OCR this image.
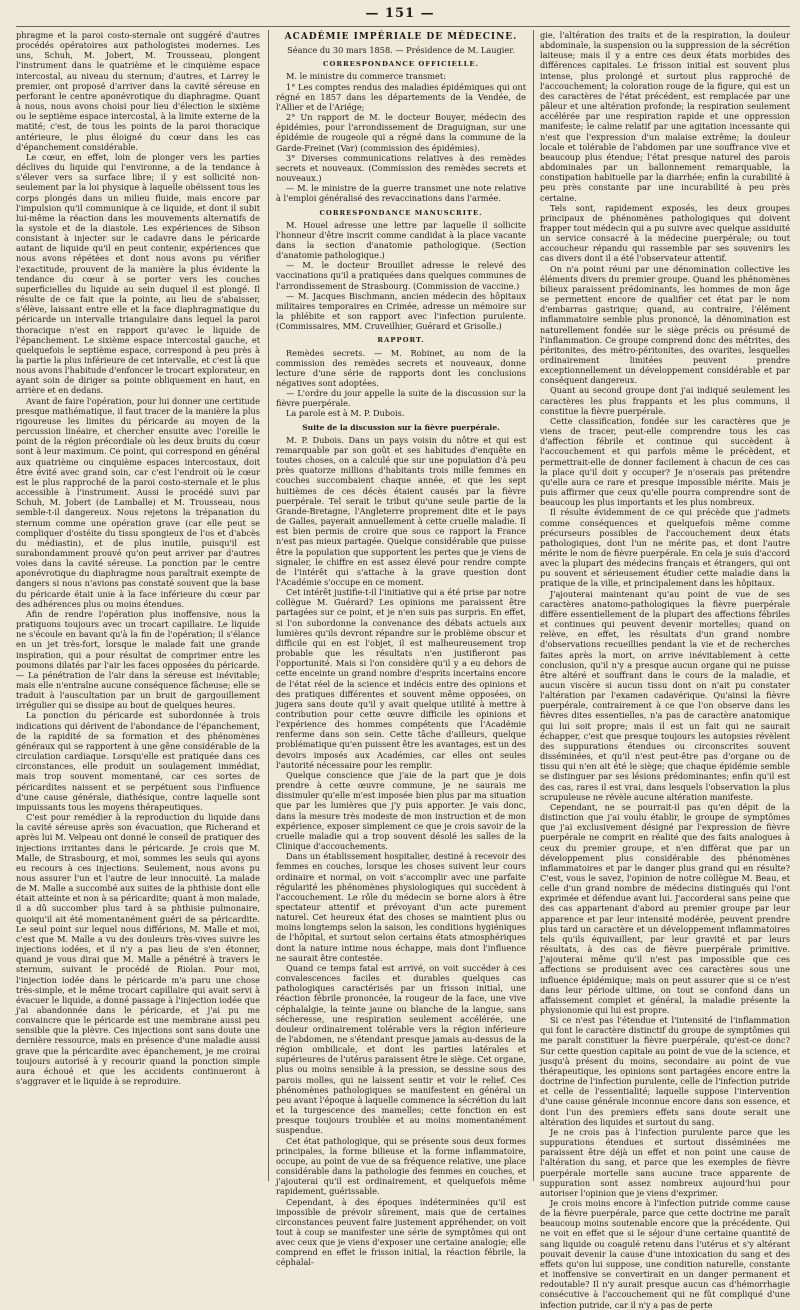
— 151 —

phragme et la paroi costo-sternale ont suggéré d'autres procédés opératoires aux pathologistes modernes. Les uns, Schuh, M. Jobert, M. Trousseau, plongent l'instrument dans le quatrième et le cinquième espace intercostal, au niveau du sternum; d'autres, et Larrey le premier, ont proposé d'arriver dans la cavité séreuse en perforant le centre aponévrotique du diaphragme. Quant à nous, nous avons choisi pour lieu d'élection le sixième ou le septième espace intercostal, à la limite externe de la matité; c'est, de tous les points de la paroi thoracique antérieure, le plus éloigné du cœur dans les cas d'épanchement considérable.

Le cœur, en effet, loin de plonger vers les parties déclives du liquide qui l'environne, a de la tendance à s'élever vers sa surface libre; il y est sollicité non-seulement par la loi physique à laquelle obéissent tous les corps plongés dans un milieu fluide, mais encore par l'impulsion qu'il communique à ce liquide, et dont il subit lui-même la réaction dans les mouvements alternatifs de la systole et de la diastole. Les expériences de Sibson consistant à injecter sur le cadavre dans le péricarde autant de liquide qu'il en peut contenir, expériences que nous avons répétées et dont nous avons pu vérifier l'exactitude, prouvent de la manière la plus évidente la tendance du cœur à se porter vers les couches superficielles du liquide au sein duquel il est plongé. Il résulte de ce fait que la pointe, au lieu de s'abaisser, s'élève, laissant entre elle et la face diaphragmatique du péricarde un intervalle triangulaire dans lequel la paroi thoracique n'est en rapport qu'avec le liquide de l'épanchement. Le sixième espace intercostal gauche, et quelquefois le septième espace, correspond à peu près à la partie la plus inférieure de cet intervalle, et c'est là que nous avons l'habitude d'enfoncer le trocart explorateur, en ayant soin de diriger sa pointe obliquement en haut, en arrière et en dedans.

Avant de faire l'opération, pour lui donner une certitude presque mathématique, il faut tracer de la manière la plus rigoureuse les limites du péricarde au moyen de la percussion linéaire, et chercher ensuite avec l'oreille le point de la région précordiale où les deux bruits du cœur sont à leur maximum. Ce point, qui correspond en général aux quatrième ou cinquième espaces intercostaux, doit être évité avec grand soin, car c'est l'endroit où le cœur est le plus rapproché de la paroi costo-sternale et le plus accessible à l'instrument. Aussi le procédé suivi par Schuh, M. Jobert (de Lamballe) et M. Trousseau, nous semble-t-il dangereux. Nous rejetons la trépanation du sternum comme une opération grave (car elle peut se compliquer d'ostéite du tissu spongieux de l'os et d'abcès du médiastin), et de plus inutile, puisqu'il est surabondamment prouvé qu'on peut arriver par d'autres voies dans la cavité séreuse. La ponction par le centre aponévrotique du diaphragme nous paraîtrait exempte de dangers si nous n'avions pas constaté souvent que la base du péricarde était unie à la face inférieure du cœur par des adhérences plus ou moins étendues.

Afin de rendre l'opération plus inoffensive, nous la pratiquons toujours avec un trocart capillaire. Le liquide ne s'écoule en bavant qu'à la fin de l'opération; il s'élance en un jet très-fort, lorsque le malade fait une grande inspiration, qui a pour résultat de comprimer entre les poumons dilatés par l'air les faces opposées du péricarde. — La pénétration de l'air dans la séreuse est inévitable; mais elle n'entraîne aucune conséquence fâcheuse; elle se traduit à l'auscultation par un bruit de gargouillement irrégulier qui se dissipe au bout de quelques heures.

La ponction du péricarde est subordonnée à trois indications qui dérivent de l'abondance de l'épanchement, de la rapidité de sa formation et des phénomènes généraux qui se rapportent à une gêne considérable de la circulation cardiaque. Lorsqu'elle est pratiquée dans ces circonstances, elle produit un soulagement immédiat, mais trop souvent momentané, car ces sortes de péricardites naissent et se perpétuent sous l'influence d'une cause générale, diathésique, contre laquelle sont impuissants tous les moyens thérapeutiques.

C'est pour remédier à la reproduction du liquide dans la cavité séreuse après son évacuation, que Richerand et après lui M. Velpeau ont donné le conseil de pratiquer des injections irritantes dans le péricarde. Je crois que M. Malle, de Strasbourg, et moi, sommes les seuls qui ayons eu recours à ces injections. Seulement, nous avons pu nous assurer l'un et l'autre de leur innocuité. La malade de M. Malle a succombé aux suites de la phthisie dont elle était atteinte et non à sa péricardite; quant à mon malade, il a dû succomber plus tard à sa phthisie pulmonaire, quoiqu'il ait été momentanément guéri de sa péricardite. Le seul point sur lequel nous différions, M. Malle et moi, c'est que M. Malle a vu des douleurs très-vives suivre les injections iodées, et il n'y a pas lieu de s'en étonner, quand je vous dirai que M. Malle a pénétré à travers le sternum, suivant le procédé de Riolan. Pour moi, l'injection iodée dans le péricarde m'a paru une chose très-simple, et le même trocart capillaire qui avait servi à évacuer le liquide, a donné passage à l'injection iodée que j'ai abandonnée dans le péricarde, et j'ai pu me convaincre que le péricarde est une membrane aussi peu sensible que la plèvre. Ces injections sont sans doute une dernière ressource, mais en présence d'une maladie aussi grave que la péricardite avec épanchement, je me croirai toujours autorisé à y recourir quand la ponction simple aura échoué et que les accidents continueront à s'aggraver et le liquide à se reproduire.

ACADÉMIE IMPÉRIALE DE MÉDECINE.

Séance du 30 mars 1858. — Présidence de M. Laugier.

CORRESPONDANCE OFFICIELLE.

M. le ministre du commerce transmet:

1° Les comptes rendus des maladies épidémiques qui ont régné en 1857 dans les départements de la Vendée, de l'Allier et de l'Ariége;

2° Un rapport de M. le docteur Bouyer, médecin des épidémies, pour l'arrondissement de Draguignan, sur une épidémie de rougeole qui a régné dans la commune de la Garde-Freinet (Var) (commission des épidémies).

3° Diverses communications relatives à des remèdes secrets et nouveaux. (Commission des remèdes secrets et nouveaux.)

— M. le ministre de la guerre transmet une note relative à l'emploi généralisé des revaccinations dans l'armée.

CORRESPONDANCE MANUSCRITE.

M. Houel adresse une lettre par laquelle il sollicite l'honneur d'être inscrit comme candidat à la place vacante dans la section d'anatomie pathologique. (Section d'anatomie pathologique.)

— M. le docteur Brouillet adresse le relevé des vaccinations qu'il a pratiquées dans quelques communes de l'arrondissement de Strasbourg. (Commission de vaccine.)

— M. Jacques Bischmann, ancien médecin des hôpitaux militaires temporaires en Crimée, adresse un mémoire sur la phlébite et son rapport avec l'infection purulente. (Commissaires, MM. Cruveilhier, Guérard et Grisolle.)

RAPPORT.

Remèdes secrets. — M. Robinet, au nom de la commission des remèdes secrets et nouveaux, donne lecture d'une série de rapports dont les conclusions négatives sont adoptées.

— L'ordre du jour appelle la suite de la discussion sur la fièvre puerpérale.

La parole est à M. P. Dubois.

Suite de la discussion sur la fièvre puerpérale.

M. P. Dubois. Dans un pays voisin du nôtre et qui est remarquable par son goût et ses habitudes d'enquête en toutes choses, on a calculé que sur une population d'à peu près quatorze millions d'habitants trois mille femmes en couches succombaient chaque année, et que les sept huitièmes de ces décès étaient causés par la fièvre puerpérale. Tel serait le tribut qu'une seule partie de la Grande-Bretagne, l'Angleterre proprement dite et le pays de Galles, payerait annuellement à cette cruelle maladie. Il est bien permis de croire que sous ce rapport la France n'est pas mieux partagée. Quelque considérable que puisse être la population que supportent les pertes que je viens de signaler, le chiffre en est assez élevé pour rendre compte de l'intérêt qui s'attache à la grave question dont l'Académie s'occupe en ce moment.

Cet intérêt justifie-t-il l'initiative qui a été prise par notre collègue M. Guérard? Les opinions me paraissent être partagées sur ce point, et je n'en suis pas surpris. En effet, si l'on subordonne la convenance des débats actuels aux lumières qu'ils devront répandre sur le problème obscur et difficile qui en est l'objet, il est malheureusement trop probable que les résultats n'en justifieront pas l'opportunité. Mais si l'on considère qu'il y a eu dehors de cette enceinte un grand nombre d'esprits incertains encore de l'état réel de la science et indécis entre des opinions et des pratiques différentes et souvent même opposées, on jugera sans doute qu'il y avait quelque utilité à mettre à contribution pour cette œuvre difficile les opinions et l'expérience des hommes compétents que l'Académie renferme dans son sein. Cette tâche d'ailleurs, quelque problématique qu'en puissent être les avantages, est un des devoirs imposés aux Académies, car elles ont seules l'autorité nécessaire pour les remplir.

Quelque conscience que j'aie de la part que je dois prendre à cette œuvre commune, je ne saurais me dissimuler qu'elle m'est imposée bien plus par ma situation que par les lumières que j'y puis apporter. Je vais donc, dans la mesure très modeste de mon instruction et de mon expérience, exposer simplement ce que je crois savoir de la cruelle maladie qui a trop souvent désolé les salles de la Clinique d'accouchements.

Dans un établissement hospitalier, destiné à recevoir des femmes en couches, lorsque les choses suivent leur cours ordinaire et normal, on voit s'accomplir avec une parfaite régularité les phénomènes physiologiques qui succèdent à l'accouchement. Le rôle du médecin se borne alors à être spectateur attentif et prévoyant d'un acte purement naturel. Cet heureux état des choses se maintient plus ou moins longtemps selon la saison, les conditions hygiéniques de l'hôpital, et surtout selon certains états atmosphériques dont la nature intime nous échappe, mais dont l'influence ne saurait être contestée.

Quand ce temps fatal est arrivé, on voit succéder à ces convalescences faciles et durables quelques cas pathologiques caractérisés par un frisson initial, une réaction fébrile prononcée, la rougeur de la face, une vive céphalalgie, la teinte jaune ou blanche de la langue, sans sécheresse, une respiration seulement accélérée, une douleur ordinairement tolérable vers la région inférieure de l'abdomen, ne s'étendant presque jamais au-dessus de la région ombilicale, et dont les parties latérales et supérieures de l'utérus paraissent être le siège. Cet organe, plus ou moins sensible à la pression, se dessine sous des parois molles, qui ne laissent sentir et voir le relief. Ces phénomènes pathologiques se manifestent en général un peu avant l'époque à laquelle commence la sécrétion du lait et la turgescence des mamelles; cette fonction en est presque toujours troublée et au moins momentanément suspendue.

Cet état pathologique, qui se présente sous deux formes principales, la forme bilieuse et la forme inflammatoire, occupe, au point de vue de sa fréquence relative, une place considérable dans la pathologie des femmes en couches, et j'ajouterai qu'il est ordinairement, et quelquefois même rapidement, guérissable.

Cependant, à des époques indéterminées qu'il est impossible de prévoir sûrement, mais que de certaines circonstances peuvent faire justement appréhender, on voit tout à coup se manifester une série de symptômes qui ont avec ceux que je viens d'exposer une certaine analogie; elle comprend en effet le frisson initial, la réaction fébrile, la céphalal-

gie, l'altération des traits et de la respiration, la douleur abdominale, la suspension ou la suppression de la sécrétion laiteuse; mais il y a entre ces deux états morbides des différences capitales. Le frisson initial est souvent plus intense, plus prolongé et surtout plus rapproché de l'accouchement; la coloration rouge de la figure, qui est un des caractères de l'état précédent, est remplacée par une pâleur et une altération profonde; la respiration seulement accélérée par une respiration rapide et une oppression manifeste; le calme relatif par une agitation incessante qui n'est que l'expression d'un malaise extrême; la douleur locale et tolérable de l'abdomen par une souffrance vive et beaucoup plus étendue; l'état presque naturel des parois abdominales par un ballonnement remarquable, la constipation habituelle par la diarrhée; enfin la curabilité à peu près constante par une incurabilité à peu près certaine.

Tels sont, rapidement exposés, les deux groupes principaux de phénomènes pathologiques qui doivent frapper tout médecin qui a pu suivre avec quelque assiduité un service consacré à la médecine puerpérale; ou tout accoucheur répandu qui rassemble par ses souvenirs les cas divers dont il a été l'observateur attentif.

On n'a point réuni par une dénomination collective les éléments divers du premier groupe. Quand les phénomènes bilieux paraissent prédominants, les hommes de mon âge se permettent encore de qualifier cet état par le nom d'embarras gastrique; quand, au contraire, l'élément inflammatoire semble plus prononcé, la dénomination est naturellement fondée sur le siège précis ou présumé de l'inflammation. Ce groupe comprend donc des métrites, des péritonites, des métro-péritonites, des ovarites, lesquelles ordinairement limitées peuvent prendre exceptionnellement un développement considérable et par conséquent dangereux.

Quant au second groupe dont j'ai indiqué seulement les caractères les plus frappants et les plus communs, il constitue la fièvre puerpérale.

Cette classification, fondée sur les caractères que je viens de tracer, peut-elle comprendre tous les cas d'affection fébrile et continue qui succèdent à l'accouchement et qui parfois même le précèdent, et permettrait-elle de donner facilement à chacun de ces cas la place qu'il doit y occuper? Je n'oserais pas prétendre qu'elle aura ce rare et presque impossible mérite. Mais je puis affirmer que ceux qu'elle pourra comprendre sont de beaucoup les plus importants et les plus nombreux.

Il résulte évidemment de ce qui précède que j'admets comme conséquences et quelquefois même comme précurseurs possibles de l'accouchement deux états pathologiques, dont l'un ne mérite pas, et dont l'autre mérite le nom de fièvre puerpérale. En cela je suis d'accord avec la plupart des médecins français et étrangers, qui ont pu souvent et sérieusement étudier cette maladie dans la pratique de la ville, et principalement dans les hôpitaux.

J'ajouterai maintenant qu'au point de vue de ses caractères anatomo-pathologiques la fièvre puerpérale diffère essentiellement de la plupart des affections fébriles et continues qui peuvent devenir mortelles; quand on relève, en effet, les résultats d'un grand nombre d'observations recueillies pendant la vie et de recherches faites après la mort, on arrive inévitablement à cette conclusion, qu'il n'y a presque aucun organe qui ne puisse être altéré et souffrant dans le cours de la maladie, et aucun viscère si aucun tissu dont on n'ait pu constater l'altération par l'examen cadavérique. Qu'ainsi la fièvre puerpérale, contrairement à ce que l'on observe dans les fièvres dites essentielles, n'a pas de caractère anatomique qui lui soit propre; mais il est un fait qui ne saurait échapper, c'est que presque toujours les autopsies révèlent des suppurations étendues ou circonscrites souvent disséminées, et qu'il n'est peut-être pas d'organe ou de tissu qui n'en ait été le siège; que chaque épidémie semble se distinguer par ses lésions prédominantes; enfin qu'il est des cas, rares il est vrai, dans lesquels l'observation la plus scrupuleuse ne révèle aucune altération manifeste.

Cependant, ne se pourrait-il pas qu'en dépit de la distinction que j'ai voulu établir, le groupe de symptômes que j'ai exclusivement désigné par l'expression de fièvre puerpérale ne comprit en réalité que des faits analogues à ceux du premier groupe, et n'en diffèrat que par un développement plus considérable des phénomènes inflammatoires et par le danger plus grand qui en résulte? C'est, vous le savez, l'opinion de notre collègue M. Beau, et celle d'un grand nombre de médecins distingués qui l'ont exprimée et défendue avant lui. J'accorderai sans peine que des cas appartenant d'abord au premier groupe par leur apparence et par leur intensité modérée, peuvent prendre plus tard un caractère et un développement inflammatoires tels qu'ils équivaillent, par leur gravité et par leurs résultats, à des cas de fièvre puerpérale primitive. J'ajouterai même qu'il n'est pas impossible que ces affections se produisent avec ces caractères sous une influence épidémique; mais on peut assurer que si ce n'est dans leur période ultime, on tout se confond dans un affaissement complet et général, la maladie présente la physionomie qui lui est propre.

Si ce n'est pas l'étendue et l'intensité de l'inflammation qui font le caractère distinctif du groupe de symptômes qui me paraît constituer la fièvre puerpérale, qu'est-ce donc? Sur cette question capitale au point de vue de la science, et jusqu'à présent du moins, secondaire au point de vue thérapeutique, les opinions sont partagées encore entre la doctrine de l'infection purulente, celle de l'infection putride et celle de l'essentialité; laquelle suppose l'intervention d'une cause générale inconnue encore dans son essence, et dont l'un des premiers effets sans doute serait une altération des liquides et surtout du sang.

Je ne crois pas à l'infection purulente parce que les suppurations étendues et surtout disséminées me paraissent être déjà un effet et non point une cause de l'altération du sang, et parce que les exemples de fièvre puerpérale mortelle sans aucune trace apparente de suppuration sont assez nombreux aujourd'hui pour autoriser l'opinion que je viens d'exprimer.

Je crois moins encore à l'infection putride comme cause de la fièvre puerpérale, parce que cette doctrine me paraît beaucoup moins soutenable encore que la précédente. Qui ne voit en effet que si le séjour d'une certaine quantité de sang liquide ou coagulé retenu dans l'utérus et s'y altérant pouvait devenir la cause d'une intoxication du sang et des effets qu'on lui suppose, une condition naturelle, constante et inoffensive se convertirait en un danger permanent et redoutable? Il n'y aurait presque aucun cas d'hémorrhagie consécutive à l'accouchement qui ne fût compliqué d'une infection putride, car il n'y a pas de perte
